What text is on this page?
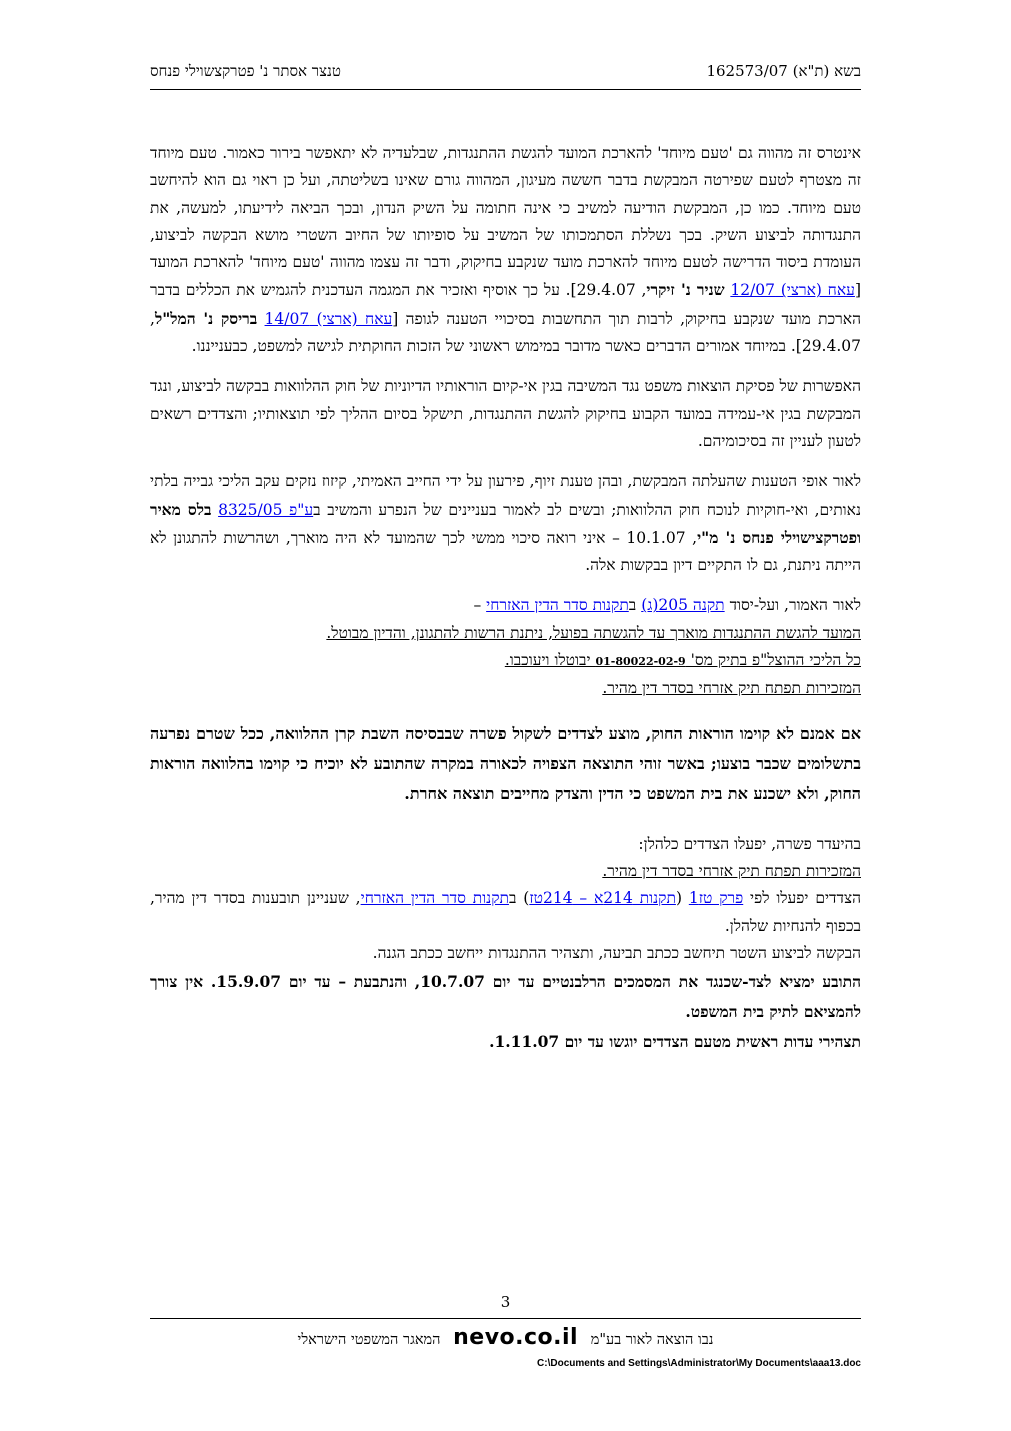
בשא (ת"א) 162573/07
טנצר אסתר נ' פטרקצשוילי פנחס

אינטרס זה מהווה גם 'טעם מיוחד' להארכת המועד להגשת ההתנגדות, שבלעדיה לא יתאפשר בירור כאמור. טעם מיוחד זה מצטרף לטעם שפירטה המבקשת בדבר חששה מעיגון, המהווה גורם שאינו בשליטתה, ועל כן ראוי גם הוא להיחשב טעם מיוחד. כמו כן, המבקשת הודיעה למשיב כי אינה חתומה על השיק הנדון, ובכך הביאה לידיעתו, למעשה, את התנגדותה לביצוע השיק. בכך נשללת הסתמכותו של המשיב על סופיותו של החיוב השטרי מושא הבקשה לביצוע, העומדת ביסוד הדרישה לטעם מיוחד להארכת מועד שנקבע בחיקוק, ודבר זה עצמו מהווה 'טעם מיוחד' להארכת המועד [עאח (ארצי) 12/07 שניר נ' זיקרי, 29.4.07]. על כך אוסיף ואזכיר את המגמה העדכנית להגמיש את הכללים בדבר הארכת מועד שנקבע בחיקוק, לרבות תוך התחשבות בסיכויי הטענה לגופה [עאח (ארצי) 14/07 בריסק נ' המל"ל, 29.4.07]. במיוחד אמורים הדברים כאשר מדובר במימוש ראשוני של הזכות החוקתית לגישה למשפט, כבענייננו.

האפשרות של פסיקת הוצאות משפט נגד המשיבה בגין אי-קיום הוראותיו הדיוניות של חוק ההלוואות בבקשה לביצוע, ונגד המבקשת בגין אי-עמידה במועד הקבוע בחיקוק להגשת ההתנגדות, תישקל בסיום ההליך לפי תוצאותיו; והצדדים רשאים לטעון לעניין זה בסיכומיהם.

לאור אופי הטענות שהעלתה המבקשת, ובהן טענת זיוף, פירעון על ידי החייב האמיתי, קיזוז נזקים עקב הליכי גבייה בלתי נאותים, ואי-חוקיות לנוכח חוק ההלוואות; ובשים לב לאמור בעניינים של הנפרע והמשיב בע"פ 8325/05 בלס מאיר ופטרקצישוילי פנחס נ' מ"י, 10.1.07 – איני רואה סיכוי ממשי לכך שהמועד לא היה מוארך, ושהרשות להתגונן לא הייתה ניתנת, גם לו התקיים דיון בבקשות אלה.

לאור האמור, ועל-יסוד תקנה 205(ג) בתקנות סדר הדין האזרחי –

המועד להגשת ההתנגדות מוארך עד להגשתה בפועל, ניתנת הרשות להתגונן, והדיון מבוטל.

כל הליכי ההוצל"פ בתיק מס' 01-80022-02-9 יבוטלו ויעוכבו.

המזכירות תפתח תיק אזרחי בסדר דין מהיר.

אם אמנם לא קוימו הוראות החוק, מוצע לצדדים לשקול פשרה שבבסיסה השבת קרן ההלוואה, ככל שטרם נפרעה בתשלומים שכבר בוצעו; באשר זוהי התוצאה הצפויה לכאורה במקרה שהתובע לא יוכיח כי קוימו בהלוואה הוראות החוק, ולא ישכנע את בית המשפט כי הדין והצדק מחייבים תוצאה אחרת.

בהיעדר פשרה, יפעלו הצדדים כלהלן:

המזכירות תפתח תיק אזרחי בסדר דין מהיר.

הצדדים יפעלו לפי פרק טז1 (תקנות 214א – 214טז) בתקנות סדר הדין האזרחי, שעניינן תובענות בסדר דין מהיר, בכפוף להנחיות שלהלן.

הבקשה לביצוע השטר תיחשב ככתב תביעה, ותצהיר ההתנגדות ייחשב ככתב הגנה.

התובע ימציא לצד-שכנגד את המסמכים הרלבנטיים עד יום 10.7.07, והנתבעת – עד יום 15.9.07. אין צורך להמציאם לתיק בית המשפט.

תצהירי עדות ראשית מטעם הצדדים יוגשו עד יום 1.11.07.

3
נבו הוצאה לאור בע"מ nevo.co.il המאגר המשפטי הישראלי
C:\Documents and Settings\Administrator\My Documents\aaa13.doc
